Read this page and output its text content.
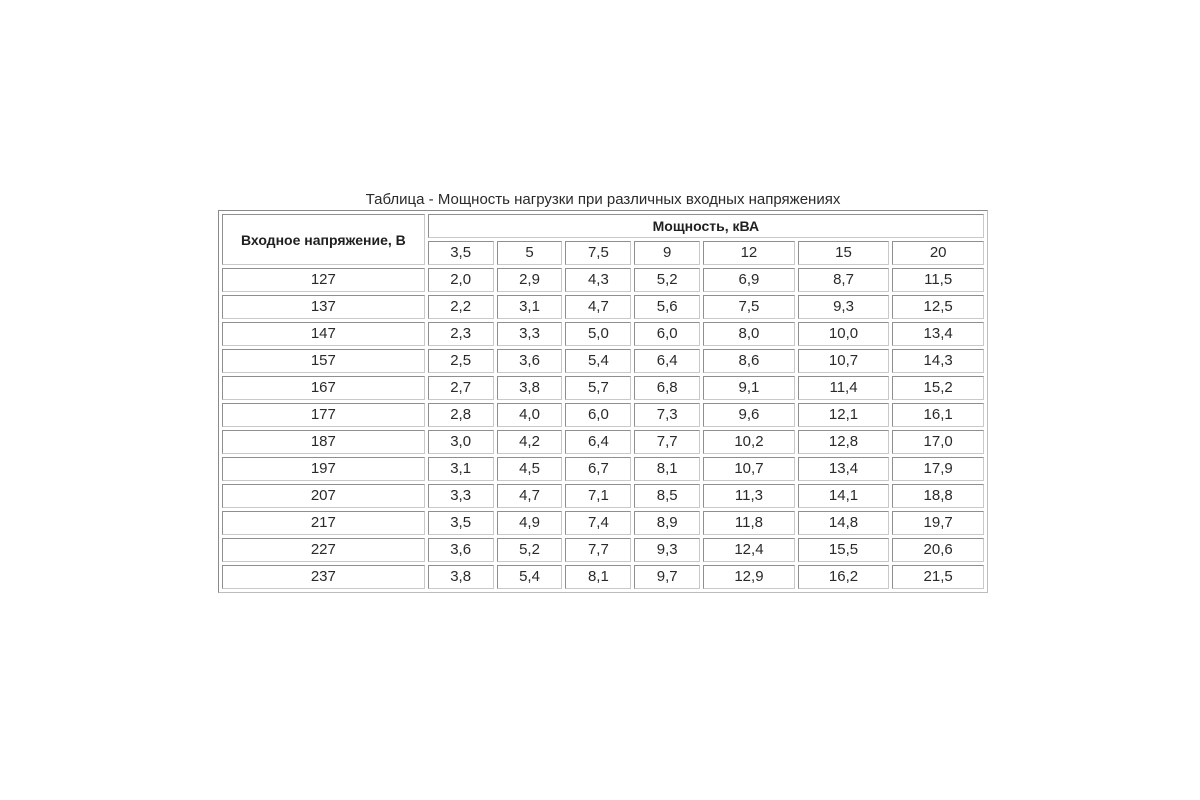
Таблица - Мощность нагрузки при различных входных напряжениях
Входное напряжение, В	Мощность, кВА						
	3,5	5	7,5	9	12	15	20
127	2,0	2,9	4,3	5,2	6,9	8,7	11,5
137	2,2	3,1	4,7	5,6	7,5	9,3	12,5
147	2,3	3,3	5,0	6,0	8,0	10,0	13,4
157	2,5	3,6	5,4	6,4	8,6	10,7	14,3
167	2,7	3,8	5,7	6,8	9,1	11,4	15,2
177	2,8	4,0	6,0	7,3	9,6	12,1	16,1
187	3,0	4,2	6,4	7,7	10,2	12,8	17,0
197	3,1	4,5	6,7	8,1	10,7	13,4	17,9
207	3,3	4,7	7,1	8,5	11,3	14,1	18,8
217	3,5	4,9	7,4	8,9	11,8	14,8	19,7
227	3,6	5,2	7,7	9,3	12,4	15,5	20,6
237	3,8	5,4	8,1	9,7	12,9	16,2	21,5
